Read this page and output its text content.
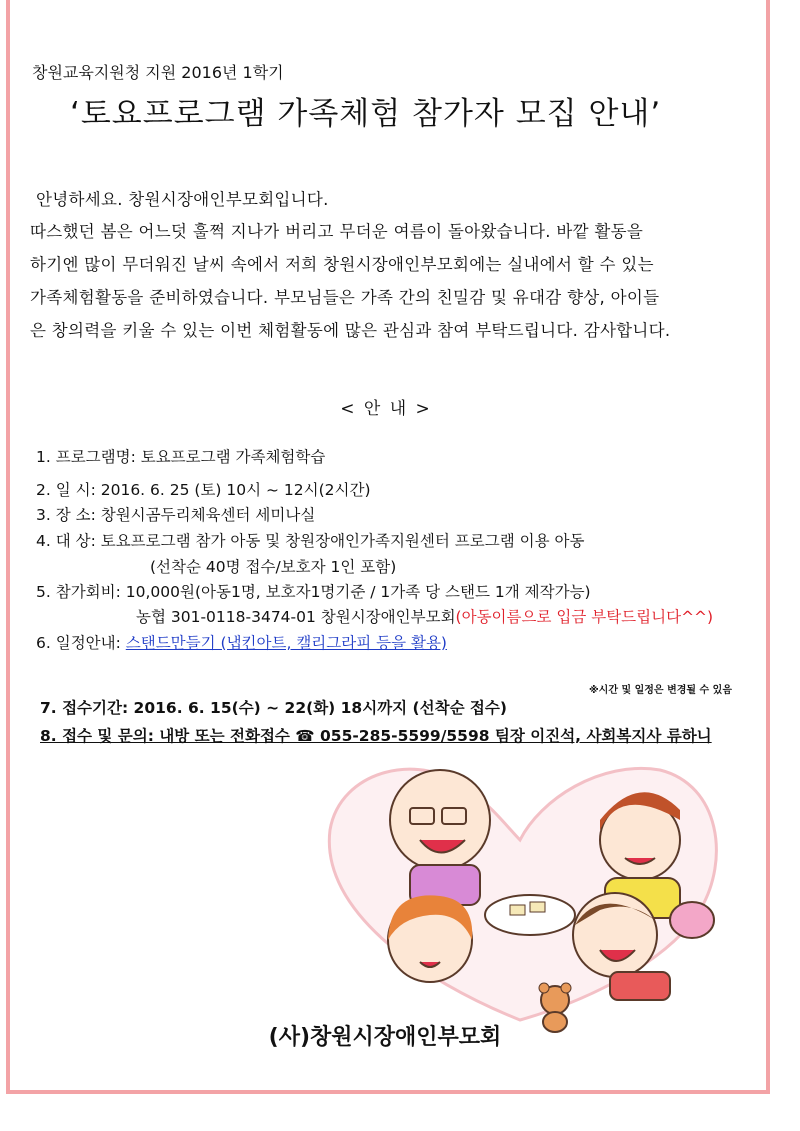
창원교육지원청 지원 2016년 1학기
‘토요프로그램 가족체험 참가자 모집 안내’
안녕하세요. 창원시장애인부모회입니다.
따스했던 봄은 어느덧 훌쩍 지나가 버리고 무더운 여름이 돌아왔습니다. 바깥 활동을
하기엔 많이 무더워진 날씨 속에서 저희 창원시장애인부모회에는 실내에서 할 수 있는
가족체험활동을 준비하였습니다. 부모님들은 가족 간의 친밀감 및 유대감 향상, 아이들
은 창의력을 키울 수 있는 이번 체험활동에 많은 관심과 참여 부탁드립니다. 감사합니다.
< 안 내 >
1. 프로그램명: 토요프로그램 가족체험학습
2. 일 시: 2016. 6. 25 (토) 10시 ~ 12시(2시간)
3. 장 소: 창원시곰두리체육센터 세미나실
4. 대 상: 토요프로그램 참가 아동 및 창원장애인가족지원센터 프로그램 이용 아동
(선착순 40명 접수/보호자 1인 포함)
5. 참가회비: 10,000원(아동1명, 보호자1명기준 / 1가족 당 스탠드 1개 제작가능)
농협 301-0118-3474-01 창원시장애인부모회(아동이름으로 입금 부탁드립니다^^)
6. 일정안내: 스탠드만들기 (냅킨아트, 캘리그라피 등을 활용)
※시간 및 일정은 변경될 수 있음
7. 접수기간: 2016. 6. 15(수) ~ 22(화) 18시까지 (선착순 접수)
8. 접수 및 문의: 내방 또는 전화접수 ☎ 055-285-5599/5598 팀장 이진석, 사회복지사 류하니
(사)창원시장애인부모회
